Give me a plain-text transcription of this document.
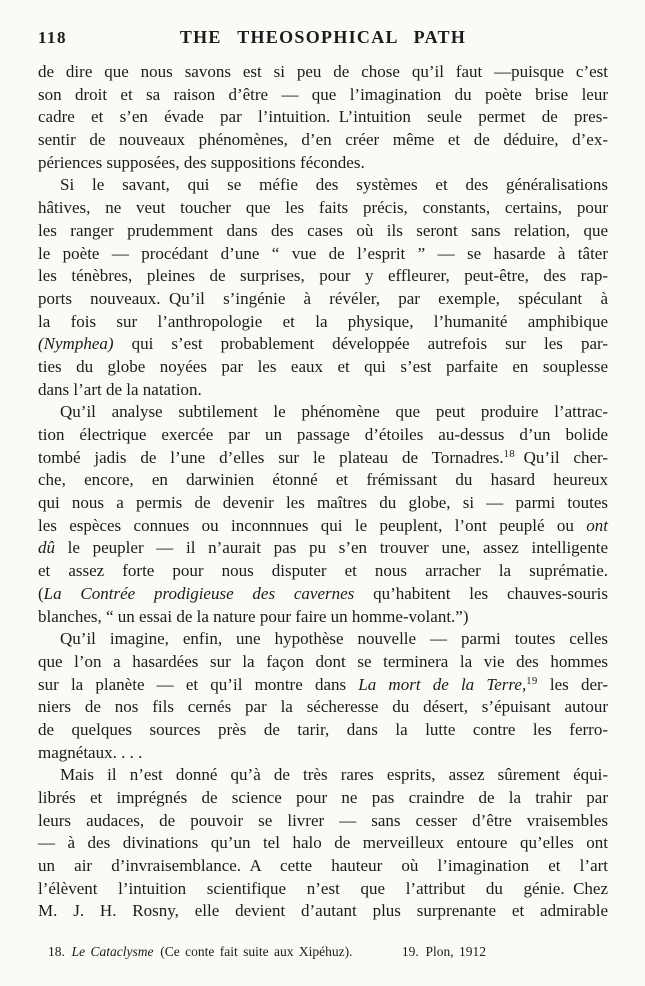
118	THE THEOSOPHICAL PATH
de dire que nous savons est si peu de chose qu’il faut —puisque c’est
son droit et sa raison d’être — que l’imagination du poète brise leur
cadre et s’en évade par l’intuition. L’intuition seule permet de pres-
sentir de nouveaux phénomènes, d’en créer même et de déduire, d’ex-
périences supposées, des suppositions fécondes.
Si le savant, qui se méfie des systèmes et des généralisations
hâtives, ne veut toucher que les faits précis, constants, certains, pour
les ranger prudemment dans des cases où ils seront sans relation, que
le poète — procédant d’une “ vue de l’esprit ” — se hasarde à tâter
les ténèbres, pleines de surprises, pour y effleurer, peut-être, des rap-
ports nouveaux. Qu’il s’ingénie à révéler, par exemple, spéculant à
la fois sur l’anthropologie et la physique, l’humanité amphibique
(Nymphea) qui s’est probablement développée autrefois sur les par-
ties du globe noyées par les eaux et qui s’est parfaite en souplesse
dans l’art de la natation.
Qu’il analyse subtilement le phénomène que peut produire l’attrac-
tion électrique exercée par un passage d’étoiles au-dessus d’un bolide
tombé jadis de l’une d’elles sur le plateau de Tornadres.$^{18}$ Qu’il cher-
che, encore, en darwinien étonné et frémissant du hasard heureux
qui nous a permis de devenir les maîtres du globe, si — parmi toutes
les espèces connues ou inconnnues qui le peuplent, l’ont peuplé ou ont
dû le peupler — il n’aurait pas pu s’en trouver une, assez intelligente
et assez forte pour nous disputer et nous arracher la suprématie.
(La Contrée prodigieuse des cavernes qu’habitent les chauves-souris
blanches, “ un essai de la nature pour faire un homme-volant.”)
Qu’il imagine, enfin, une hypothèse nouvelle — parmi toutes celles
que l’on a hasardées sur la façon dont se terminera la vie des hommes
sur la planète — et qu’il montre dans La mort de la Terre,$^{19}$ les der-
niers de nos fils cernés par la sécheresse du désert, s’épuisant autour
de quelques sources près de tarir, dans la lutte contre les ferro-
magnétaux. . . .
Mais il n’est donné qu’à de très rares esprits, assez sûrement équi-
librés et imprégnés de science pour ne pas craindre de la trahir par
leurs audaces, de pouvoir se livrer — sans cesser d’être vraisembles
— à des divinations qu’un tel halo de merveilleux entoure qu’elles ont
un air d’invraisemblance. A cette hauteur où l’imagination et l’art
l’élèvent l’intuition scientifique n’est que l’attribut du génie. Chez
M. J. H. Rosny, elle devient d’autant plus surprenante et admirable
18. Le Cataclysme (Ce conte fait suite aux Xipéhuz).	19. Plon, 1912
